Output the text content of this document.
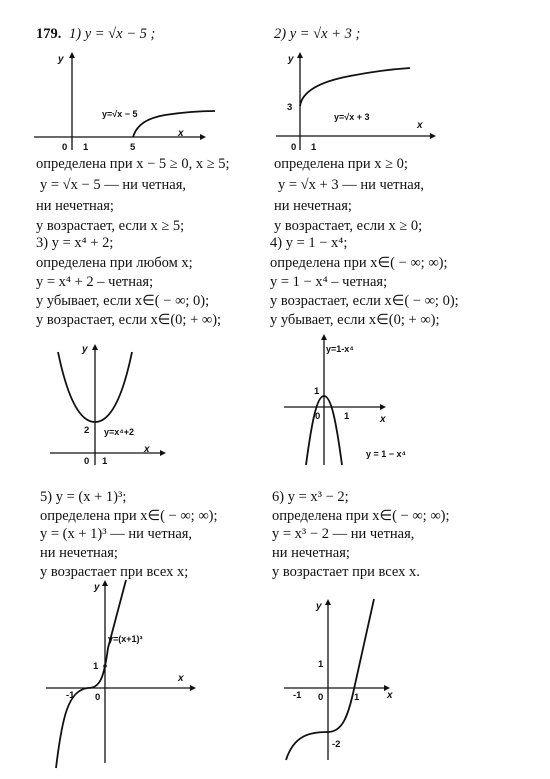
179. 1) y = √x − 5 ;
y
x
y=√x − 5
0 1	5
определена при x − 5 ≥ 0, x ≥ 5;
y = √x − 5 — ни четная,
ни нечетная;
y возрастает, если x ≥ 5;
3) y = x⁴ + 2;
определена при любом x;
y = x⁴ + 2 – четная;
y убывает, если x∈( − ∞; 0);
y возрастает, если x∈(0; + ∞);
2) y = √x + 3 ;
y
x
y=√x + 3
0 1
3
определена при x ≥ 0;
y = √x + 3 — ни четная,
ни нечетная;
y возрастает, если x ≥ 0;
4) y = 1 − x⁴;
определена при x∈( − ∞; ∞);
y = 1 − x⁴ – четная;
y возрастает, если x∈( − ∞; 0);
y убывает, если x∈(0; + ∞);
y
x
y=x⁴+2
0 1
2
y=1-x⁴
y = 1 − x⁴
x
1
0 1
5) y = (x + 1)³;
определена при x∈( − ∞; ∞);
y = (x + 1)³ — ни четная,
ни нечетная;
y возрастает при всех x;
6) y = x³ − 2;
определена при x∈( − ∞; ∞);
y = x³ − 2 — ни четная,
ни нечетная;
y возрастает при всех x.
y
x
y=(x+1)³
-1 0
1
y
x
1
-1 0	1
-2
